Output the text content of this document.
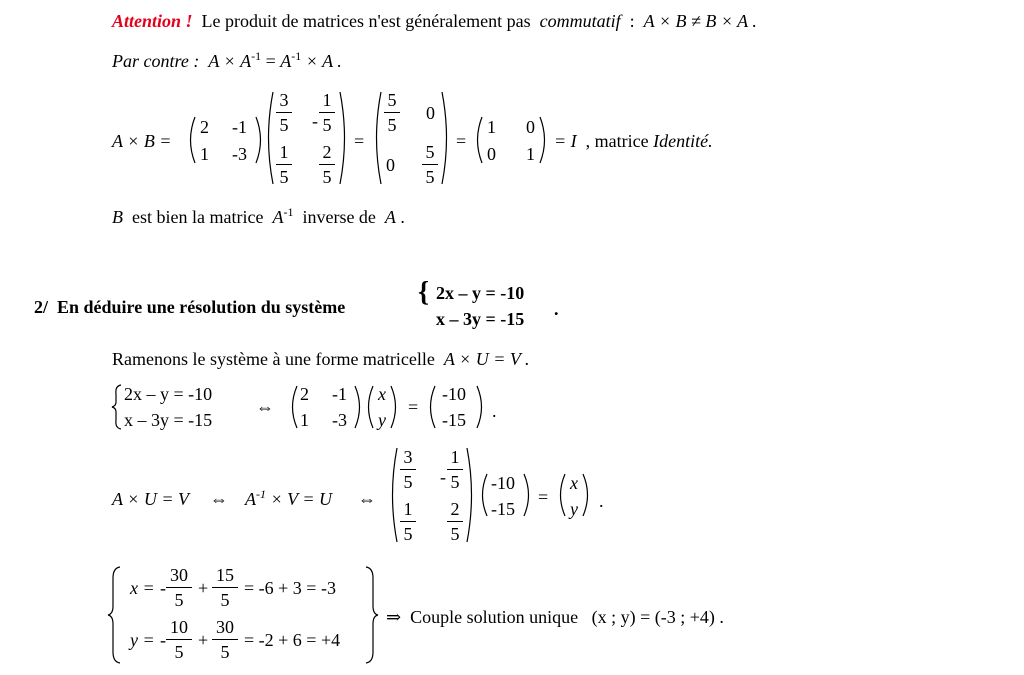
Attention ! Le produit de matrices n'est généralement pas commutatif : A × B ≠ B × A .
Par contre : $A \times A^{-1} = A^{-1} \times A$ .
A × B =
2 -1
1 -3
3
5 -
1
5
1
5
2
5
=
5
5
0
0
5
5
=
1 0
0 1
= I , matrice Identité.
B est bien la matrice $A^{-1}$ inverse de A .
2/ En déduire une résolution du système	{ 2x – y = -10
x – 3y = -15 .
Ramenons le système à une forme matricelle A × U = V .
2x – y = -10
x – 3y = -15
⇔
2 -1
1 -3
x
y
=
-10
-15 .
A × U = V ⇔ $A^{-1} \times V = U$ ⇔
3
5 -
1
5
1
5
2
5
-10
-15
=
x
y .
x = -
30
5
+
15
5
= -6 + 3 = -3
y = -
10
5
+
30
5
= -2 + 6 = +4
⇒ Couple solution unique (x ; y) = (-3 ; +4) .
